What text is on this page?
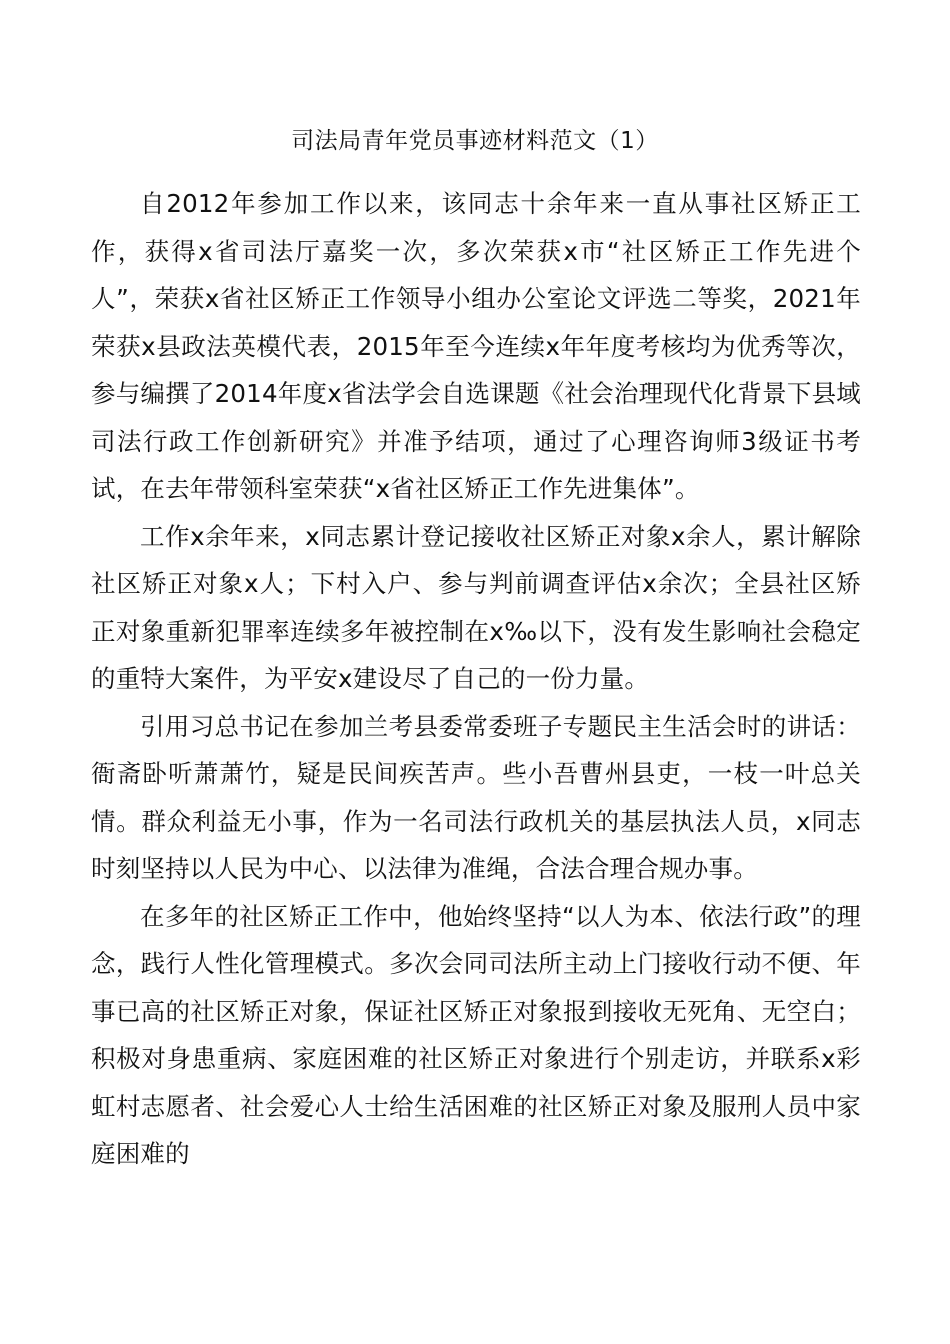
司法局青年党员事迹材料范文（1）

自2012年参加工作以来，该同志十余年来一直从事社区矫正工作，获得x省司法厅嘉奖一次，多次荣获x市“社区矫正工作先进个人”，荣获x省社区矫正工作领导小组办公室论文评选二等奖，2021年荣获x县政法英模代表，2015年至今连续x年年度考核均为优秀等次，参与编撰了2014年度x省法学会自选课题《社会治理现代化背景下县域司法行政工作创新研究》并准予结项，通过了心理咨询师3级证书考试，在去年带领科室荣获“x省社区矫正工作先进集体”。

工作x余年来，x同志累计登记接收社区矫正对象x余人，累计解除社区矫正对象x人；下村入户、参与判前调查评估x余次；全县社区矫正对象重新犯罪率连续多年被控制在x‰以下，没有发生影响社会稳定的重特大案件，为平安x建设尽了自己的一份力量。

引用习总书记在参加兰考县委常委班子专题民主生活会时的讲话：衙斋卧听萧萧竹，疑是民间疾苦声。些小吾曹州县吏，一枝一叶总关情。群众利益无小事，作为一名司法行政机关的基层执法人员，x同志时刻坚持以人民为中心、以法律为准绳，合法合理合规办事。

在多年的社区矫正工作中，他始终坚持“以人为本、依法行政”的理念，践行人性化管理模式。多次会同司法所主动上门接收行动不便、年事已高的社区矫正对象，保证社区矫正对象报到接收无死角、无空白；积极对身患重病、家庭困难的社区矫正对象进行个别走访，并联系x彩虹村志愿者、社会爱心人士给生活困难的社区矫正对象及服刑人员中家庭困难的
